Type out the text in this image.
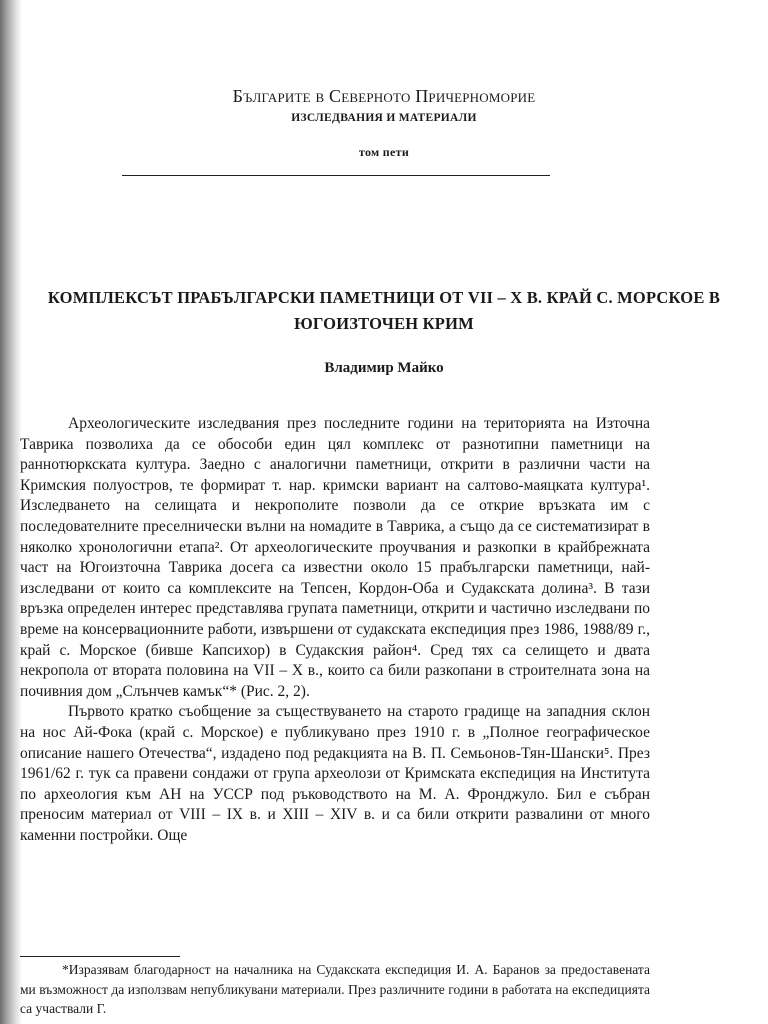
Българите в Северното Причерноморие
ИЗСЛЕДВАНИЯ И МАТЕРИАЛИ
том пети
КОМПЛЕКСЪТ ПРАБЪЛГАРСКИ ПАМЕТНИЦИ ОТ VII – X В. КРАЙ С. МОРСКОЕ В ЮГОИЗТОЧЕН КРИМ
Владимир Майко

Археологическите изследвания през последните години на територията на Източна Таврика позволиха да се обособи един цял комплекс от разнотипни паметници на раннотюркската култура. Заедно с аналогични паметници, открити в различни части на Кримския полуостров, те формират т. нар. кримски вариант на салтово-маяцката култура¹. Изследването на селищата и некрополите позволи да се открие връзката им с последователните преселнически вълни на номадите в Таврика, а също да се систематизират в няколко хронологични етапа². От археологическите проучвания и разкопки в крайбрежната част на Югоизточна Таврика досега са известни около 15 прабългарски паметници, най-изследвани от които са комплексите на Тепсен, Кордон-Оба и Судакската долина³. В тази връзка определен интерес представлява групата паметници, открити и частично изследвани по време на консервационните работи, извършени от судакската експедиция през 1986, 1988/89 г., край с. Морское (бивше Капсихор) в Судакския район⁴. Сред тях са селището и двата некропола от втората половина на VII – X в., които са били разкопани в строителната зона на почивния дом „Слънчев камък“* (Рис. 2, 2).

Първото кратко съобщение за съществуването на старото градище на западния склон на нос Ай-Фока (край с. Морское) е публикувано през 1910 г. в „Полное географическое описание нашего Отечества“, издадено под редакцията на В. П. Семьонов-Тян-Шански⁵. През 1961/62 г. тук са правени сондажи от група археолози от Кримската експедиция на Института по археология към АН на УССР под ръководството на М. А. Фронджуло. Бил е събран преносим материал от VIII – IX в. и XIII – XIV в. и са били открити развалини от много каменни постройки. Още

*Изразявам благодарност на началника на Судакската експедиция И. А. Баранов за предоставената ми възможност да използвам непубликувани материали. През различните години в работата на експедицията са участвали Г.
